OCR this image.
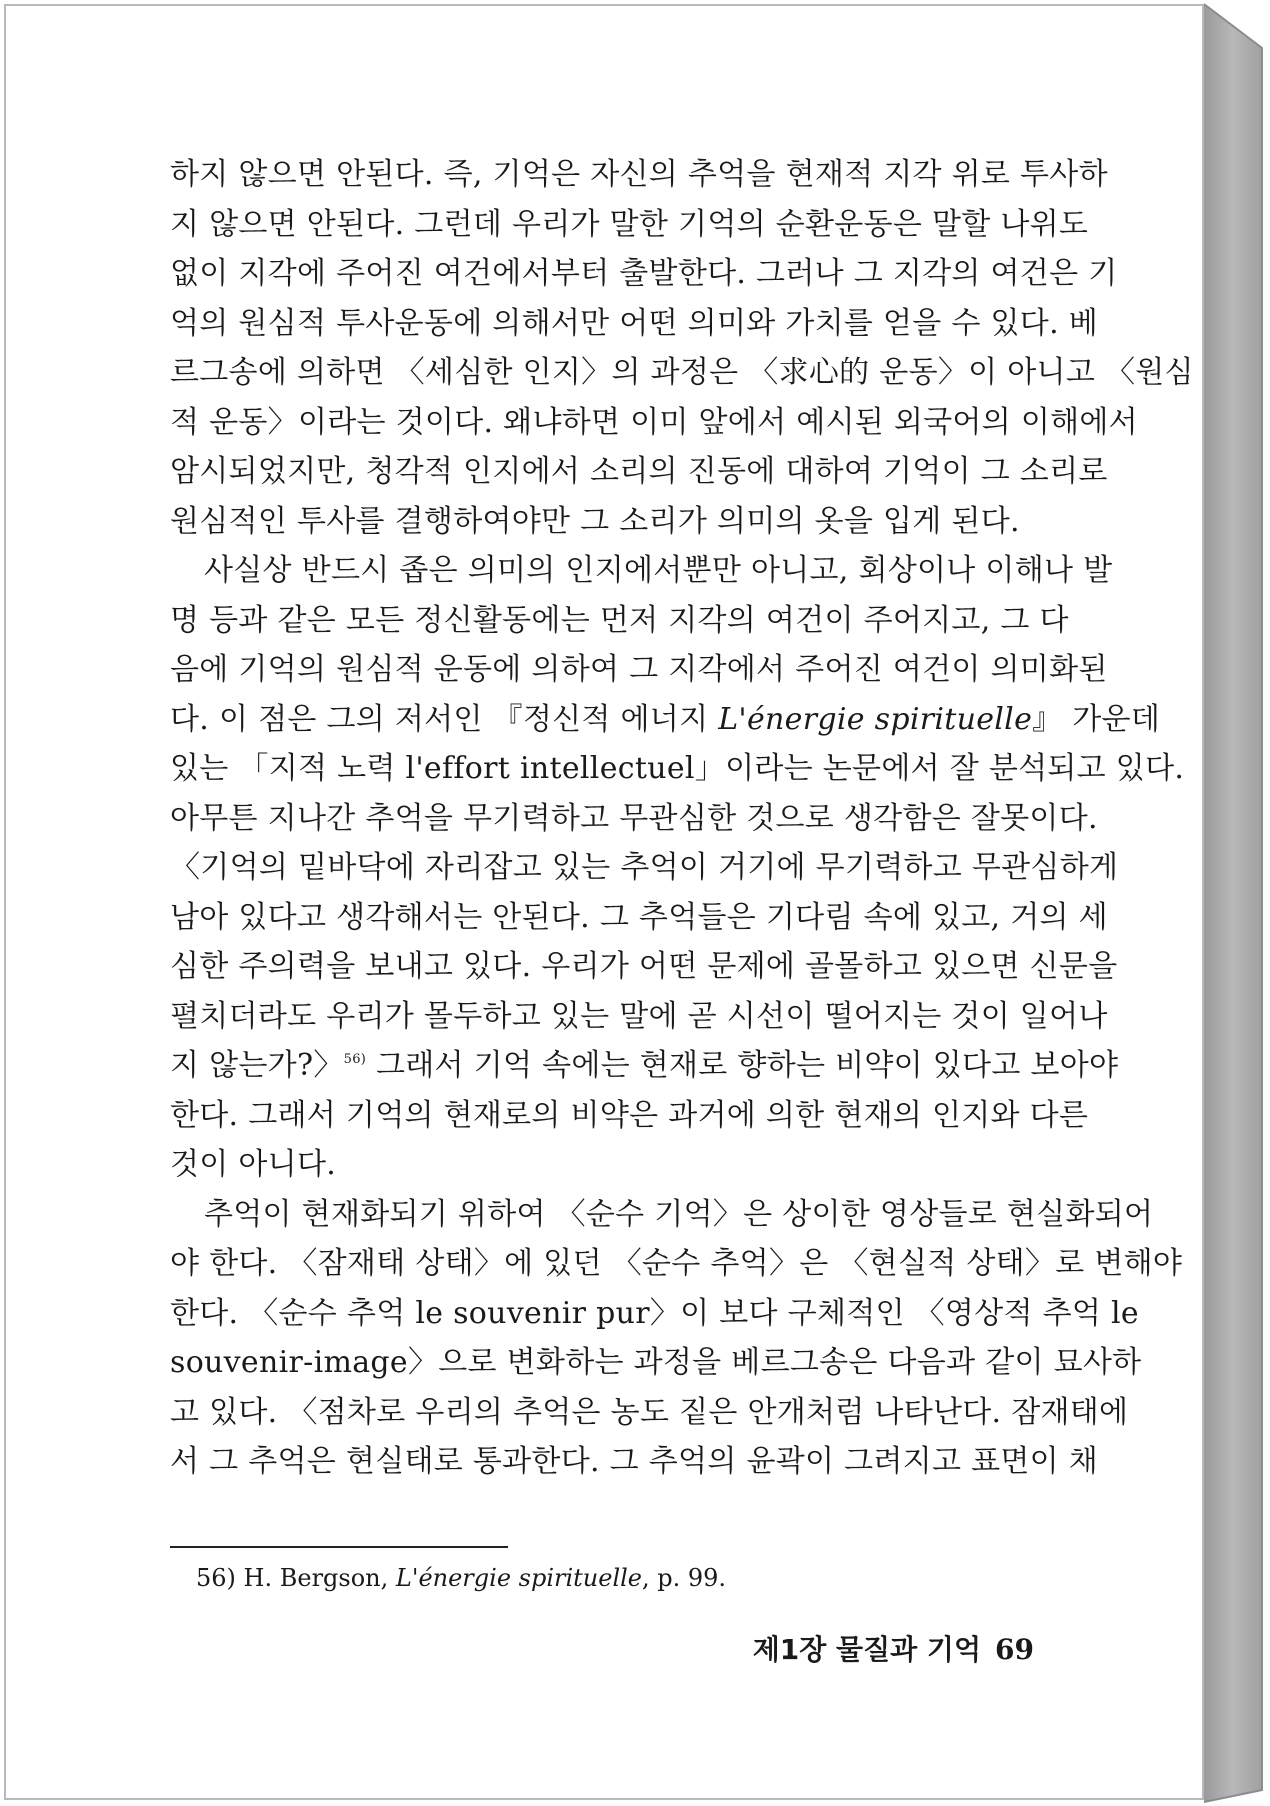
하지 않으면 안된다. 즉, 기억은 자신의 추억을 현재적 지각 위로 투사하
지 않으면 안된다. 그런데 우리가 말한 기억의 순환운동은 말할 나위도
없이 지각에 주어진 여건에서부터 출발한다. 그러나 그 지각의 여건은 기
억의 원심적 투사운동에 의해서만 어떤 의미와 가치를 얻을 수 있다. 베
르그송에 의하면 〈세심한 인지〉의 과정은 〈求心的 운동〉이 아니고 〈원심
적 운동〉이라는 것이다. 왜냐하면 이미 앞에서 예시된 외국어의 이해에서
암시되었지만, 청각적 인지에서 소리의 진동에 대하여 기억이 그 소리로
원심적인 투사를 결행하여야만 그 소리가 의미의 옷을 입게 된다.
사실상 반드시 좁은 의미의 인지에서뿐만 아니고, 회상이나 이해나 발
명 등과 같은 모든 정신활동에는 먼저 지각의 여건이 주어지고, 그 다
음에 기억의 원심적 운동에 의하여 그 지각에서 주어진 여건이 의미화된
다. 이 점은 그의 저서인 『정신적 에너지 L'énergie spirituelle』 가운데
있는 「지적 노력 l'effort intellectuel」이라는 논문에서 잘 분석되고 있다.
아무튼 지나간 추억을 무기력하고 무관심한 것으로 생각함은 잘못이다.
〈기억의 밑바닥에 자리잡고 있는 추억이 거기에 무기력하고 무관심하게
남아 있다고 생각해서는 안된다. 그 추억들은 기다림 속에 있고, 거의 세
심한 주의력을 보내고 있다. 우리가 어떤 문제에 골몰하고 있으면 신문을
펼치더라도 우리가 몰두하고 있는 말에 곧 시선이 떨어지는 것이 일어나
지 않는가?〉$^{56)}$ 그래서 기억 속에는 현재로 향하는 비약이 있다고 보아야
한다. 그래서 기억의 현재로의 비약은 과거에 의한 현재의 인지와 다른
것이 아니다.
추억이 현재화되기 위하여 〈순수 기억〉은 상이한 영상들로 현실화되어
야 한다. 〈잠재태 상태〉에 있던 〈순수 추억〉은 〈현실적 상태〉로 변해야
한다. 〈순수 추억 le souvenir pur〉이 보다 구체적인 〈영상적 추억 le
souvenir-image〉으로 변화하는 과정을 베르그송은 다음과 같이 묘사하
고 있다. 〈점차로 우리의 추억은 농도 짙은 안개처럼 나타난다. 잠재태에
서 그 추억은 현실태로 통과한다. 그 추억의 윤곽이 그려지고 표면이 채
56) H. Bergson, L'énergie spirituelle, p. 99.
제1장 물질과 기억 69
